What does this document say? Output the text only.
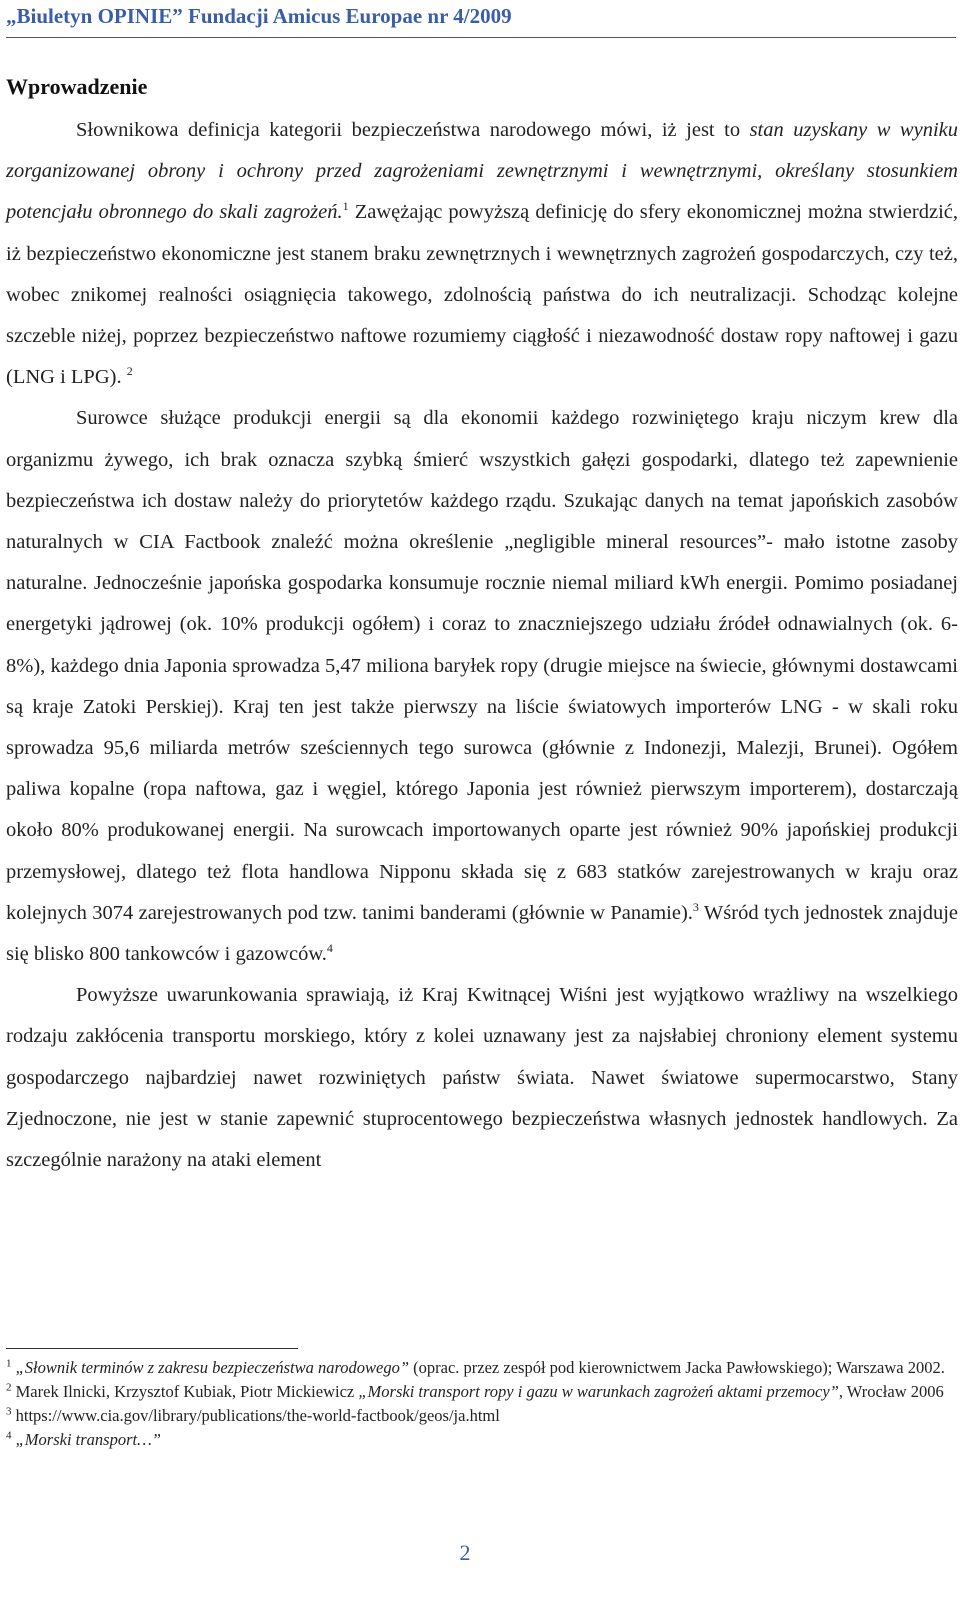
„Biuletyn OPINIE” Fundacji Amicus Europae nr 4/2009
Wprowadzenie

Słownikowa definicja kategorii bezpieczeństwa narodowego mówi, iż jest to stan uzyskany w wyniku zorganizowanej obrony i ochrony przed zagrożeniami zewnętrznymi i wewnętrznymi, określany stosunkiem potencjału obronnego do skali zagrożeń.$^1$ Zawężając powyższą definicję do sfery ekonomicznej można stwierdzić, iż bezpieczeństwo ekonomiczne jest stanem braku zewnętrznych i wewnętrznych zagrożeń gospodarczych, czy też, wobec znikomej realności osiągnięcia takowego, zdolnością państwa do ich neutralizacji. Schodząc kolejne szczeble niżej, poprzez bezpieczeństwo naftowe rozumiemy ciągłość i niezawodność dostaw ropy naftowej i gazu (LNG i LPG). $^2$

Surowce służące produkcji energii są dla ekonomii każdego rozwiniętego kraju niczym krew dla organizmu żywego, ich brak oznacza szybką śmierć wszystkich gałęzi gospodarki, dlatego też zapewnienie bezpieczeństwa ich dostaw należy do priorytetów każdego rządu. Szukając danych na temat japońskich zasobów naturalnych w CIA Factbook znaleźć można określenie „negligible mineral resources”- mało istotne zasoby naturalne. Jednocześnie japońska gospodarka konsumuje rocznie niemal miliard kWh energii. Pomimo posiadanej energetyki jądrowej (ok. 10% produkcji ogółem) i coraz to znaczniejszego udziału źródeł odnawialnych (ok. 6- 8%), każdego dnia Japonia sprowadza 5,47 miliona baryłek ropy (drugie miejsce na świecie, głównymi dostawcami są kraje Zatoki Perskiej). Kraj ten jest także pierwszy na liście światowych importerów LNG - w skali roku sprowadza 95,6 miliarda metrów sześciennych tego surowca (głównie z Indonezji, Malezji, Brunei). Ogółem paliwa kopalne (ropa naftowa, gaz i węgiel, którego Japonia jest również pierwszym importerem), dostarczają około 80% produkowanej energii. Na surowcach importowanych oparte jest również 90% japońskiej produkcji przemysłowej, dlatego też flota handlowa Nipponu składa się z 683 statków zarejestrowanych w kraju oraz kolejnych 3074 zarejestrowanych pod tzw. tanimi banderami (głównie w Panamie).$^3$ Wśród tych jednostek znajduje się blisko 800 tankowców i gazowców.$^4$

Powyższe uwarunkowania sprawiają, iż Kraj Kwitnącej Wiśni jest wyjątkowo wrażliwy na wszelkiego rodzaju zakłócenia transportu morskiego, który z kolei uznawany jest za najsłabiej chroniony element systemu gospodarczego najbardziej nawet rozwiniętych państw świata. Nawet światowe supermocarstwo, Stany Zjednoczone, nie jest w stanie zapewnić stuprocentowego bezpieczeństwa własnych jednostek handlowych. Za szczególnie narażony na ataki element

$^1$ „Słownik terminów z zakresu bezpieczeństwa narodowego” (oprac. przez zespół pod kierownictwem Jacka Pawłowskiego); Warszawa 2002.

$^2$ Marek Ilnicki, Krzysztof Kubiak, Piotr Mickiewicz „Morski transport ropy i gazu w warunkach zagrożeń aktami przemocy”, Wrocław 2006

$^3$ https://www.cia.gov/library/publications/the-world-factbook/geos/ja.html

$^4$ „Morski transport…”

2
